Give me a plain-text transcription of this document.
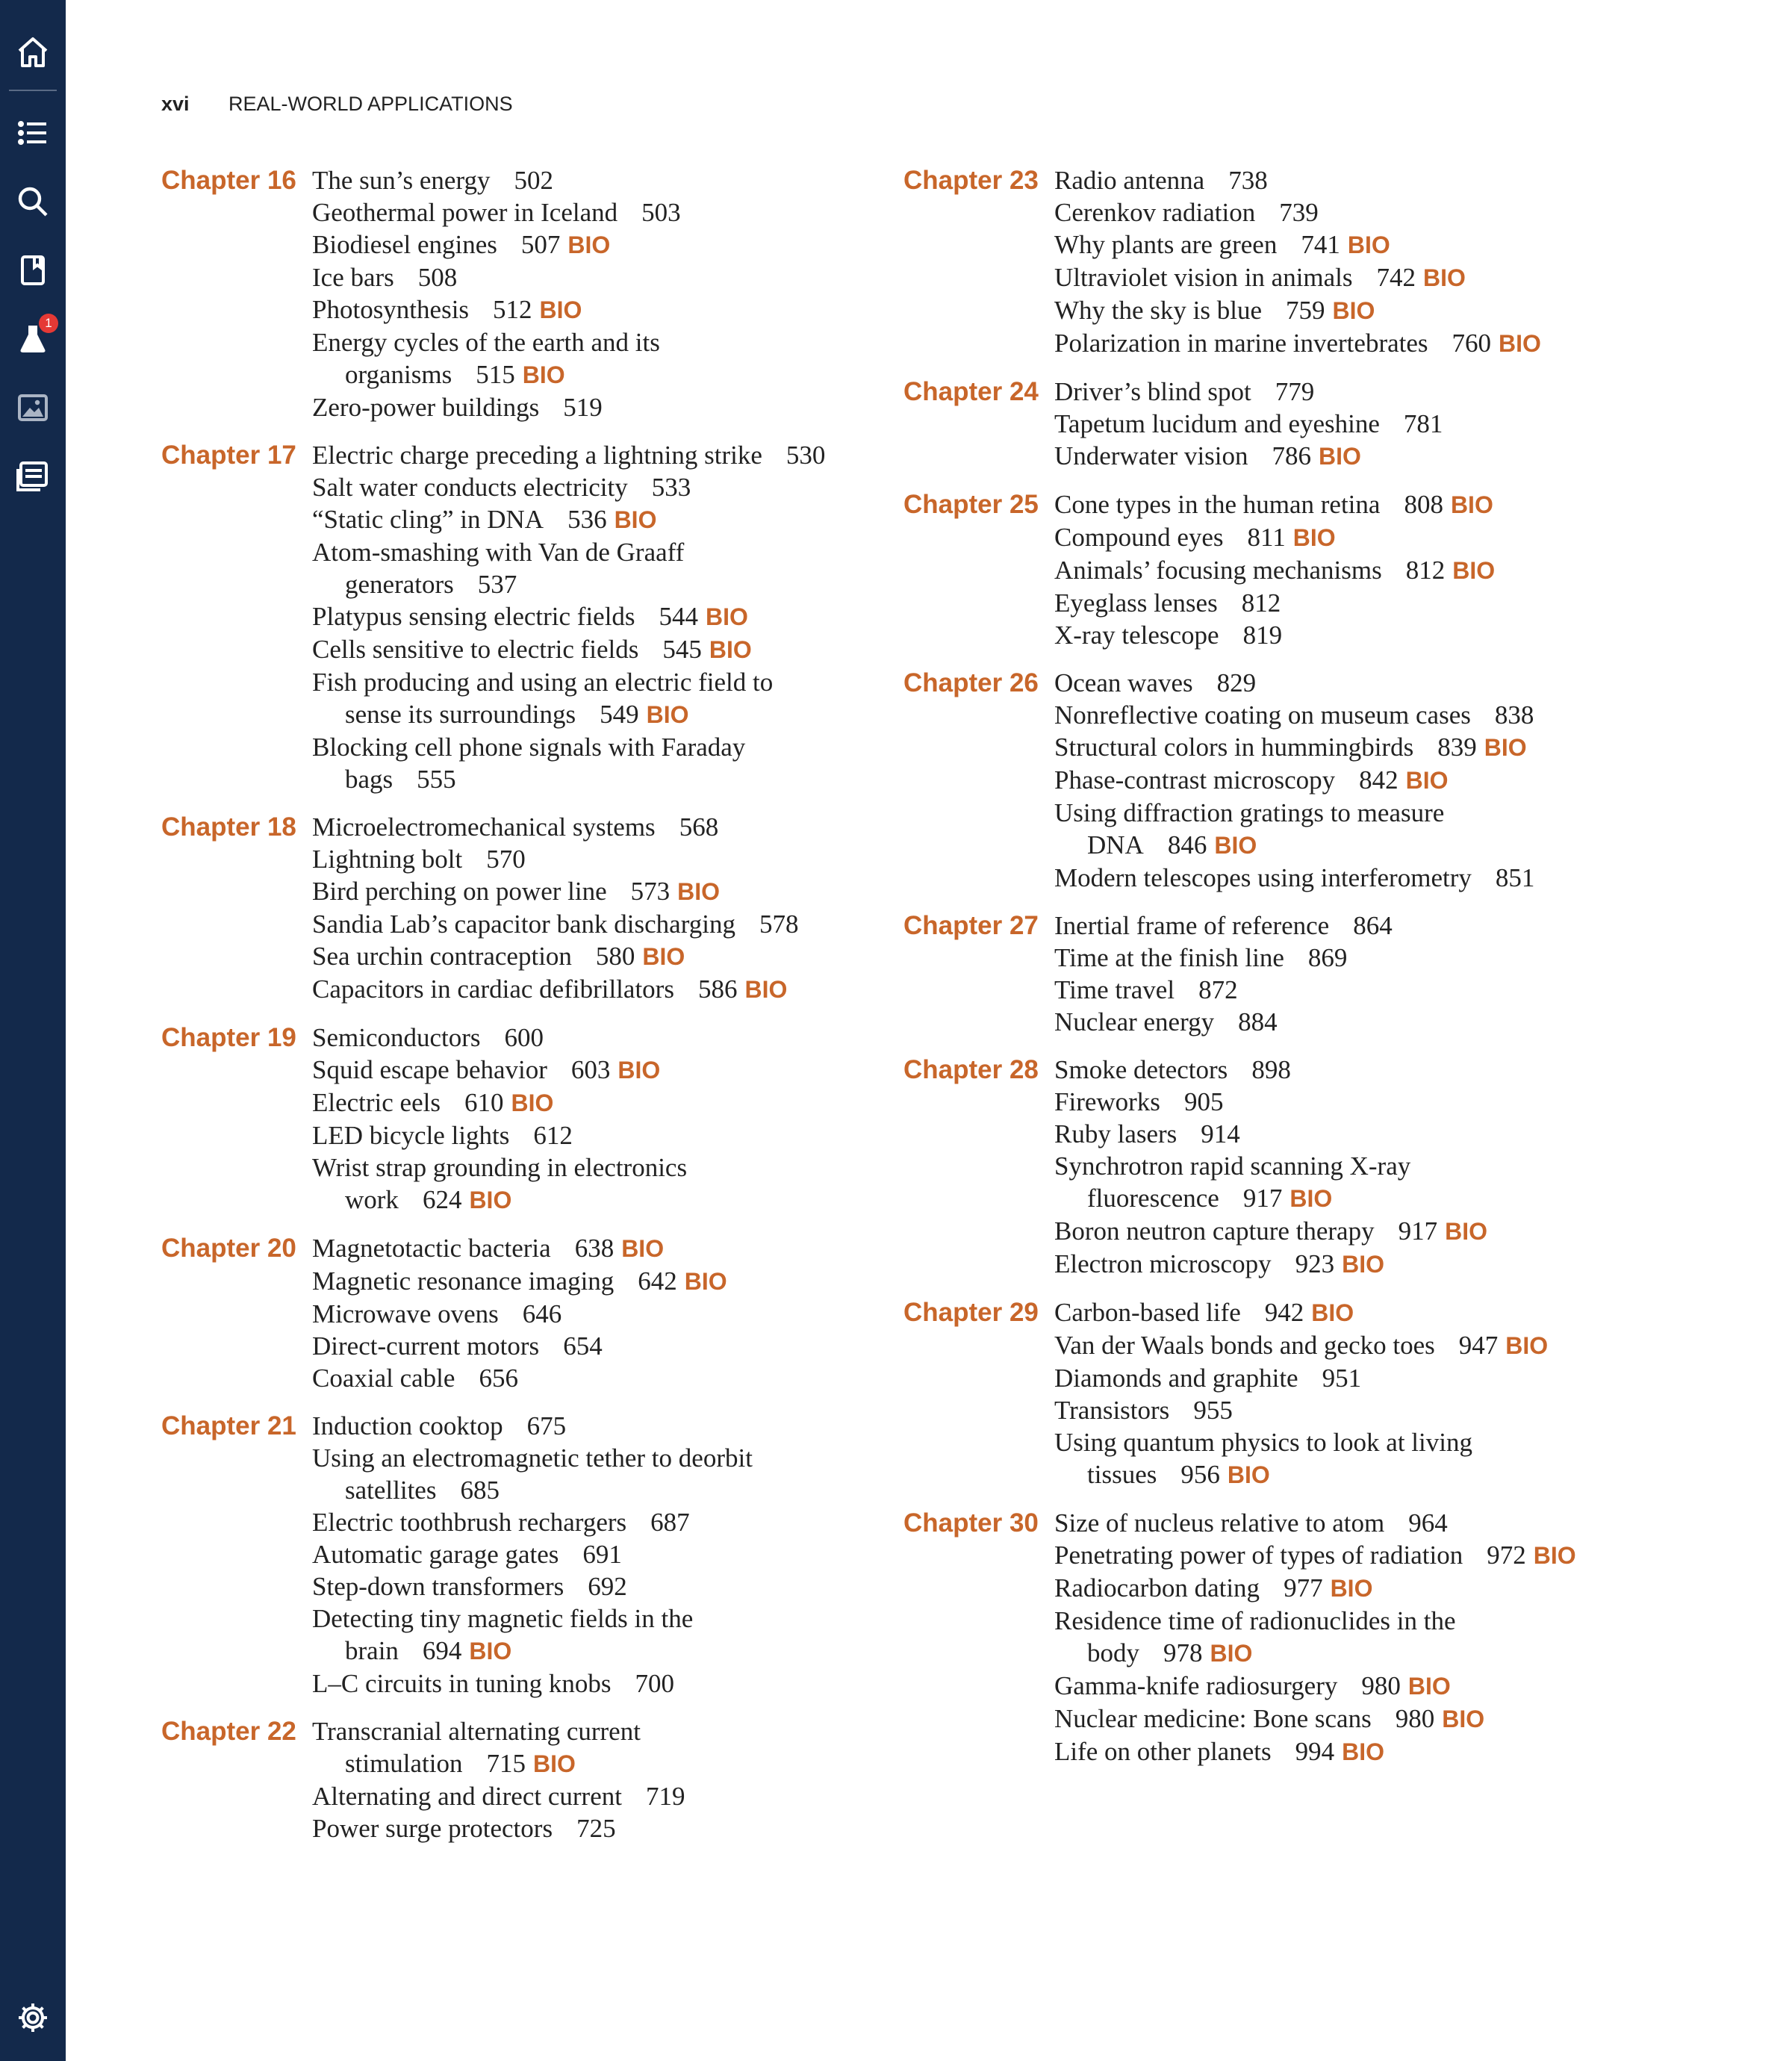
1
xvi REAL-WORLD APPLICATIONS
Chapter 16 The sun’s energy 502
Geothermal power in Iceland 503
Biodiesel engines 507 BIO
Ice bars 508
Photosynthesis 512 BIO
Energy cycles of the earth and its
organisms 515 BIO
Zero-power buildings 519
Chapter 17 Electric charge preceding a lightning strike 530
Salt water conducts electricity 533
“Static cling” in DNA 536 BIO
Atom-smashing with Van de Graaff
generators 537
Platypus sensing electric fields 544 BIO
Cells sensitive to electric fields 545 BIO
Fish producing and using an electric field to
sense its surroundings 549 BIO
Blocking cell phone signals with Faraday
bags 555
Chapter 18 Microelectromechanical systems 568
Lightning bolt 570
Bird perching on power line 573 BIO
Sandia Lab’s capacitor bank discharging 578
Sea urchin contraception 580 BIO
Capacitors in cardiac defibrillators 586 BIO
Chapter 19 Semiconductors 600
Squid escape behavior 603 BIO
Electric eels 610 BIO
LED bicycle lights 612
Wrist strap grounding in electronics
work 624 BIO
Chapter 20 Magnetotactic bacteria 638 BIO
Magnetic resonance imaging 642 BIO
Microwave ovens 646
Direct-current motors 654
Coaxial cable 656
Chapter 21 Induction cooktop 675
Using an electromagnetic tether to deorbit
satellites 685
Electric toothbrush rechargers 687
Automatic garage gates 691
Step-down transformers 692
Detecting tiny magnetic fields in the
brain 694 BIO
L–C circuits in tuning knobs 700
Chapter 22 Transcranial alternating current
stimulation 715 BIO
Alternating and direct current 719
Power surge protectors 725
Chapter 23 Radio antenna 738
Cerenkov radiation 739
Why plants are green 741 BIO
Ultraviolet vision in animals 742 BIO
Why the sky is blue 759 BIO
Polarization in marine invertebrates 760 BIO
Chapter 24 Driver’s blind spot 779
Tapetum lucidum and eyeshine 781
Underwater vision 786 BIO
Chapter 25 Cone types in the human retina 808 BIO
Compound eyes 811 BIO
Animals’ focusing mechanisms 812 BIO
Eyeglass lenses 812
X-ray telescope 819
Chapter 26 Ocean waves 829
Nonreflective coating on museum cases 838
Structural colors in hummingbirds 839 BIO
Phase-contrast microscopy 842 BIO
Using diffraction gratings to measure
DNA 846 BIO
Modern telescopes using interferometry 851
Chapter 27 Inertial frame of reference 864
Time at the finish line 869
Time travel 872
Nuclear energy 884
Chapter 28 Smoke detectors 898
Fireworks 905
Ruby lasers 914
Synchrotron rapid scanning X-ray
fluorescence 917 BIO
Boron neutron capture therapy 917 BIO
Electron microscopy 923 BIO
Chapter 29 Carbon-based life 942 BIO
Van der Waals bonds and gecko toes 947 BIO
Diamonds and graphite 951
Transistors 955
Using quantum physics to look at living
tissues 956 BIO
Chapter 30 Size of nucleus relative to atom 964
Penetrating power of types of radiation 972 BIO
Radiocarbon dating 977 BIO
Residence time of radionuclides in the
body 978 BIO
Gamma-knife radiosurgery 980 BIO
Nuclear medicine: Bone scans 980 BIO
Life on other planets 994 BIO
